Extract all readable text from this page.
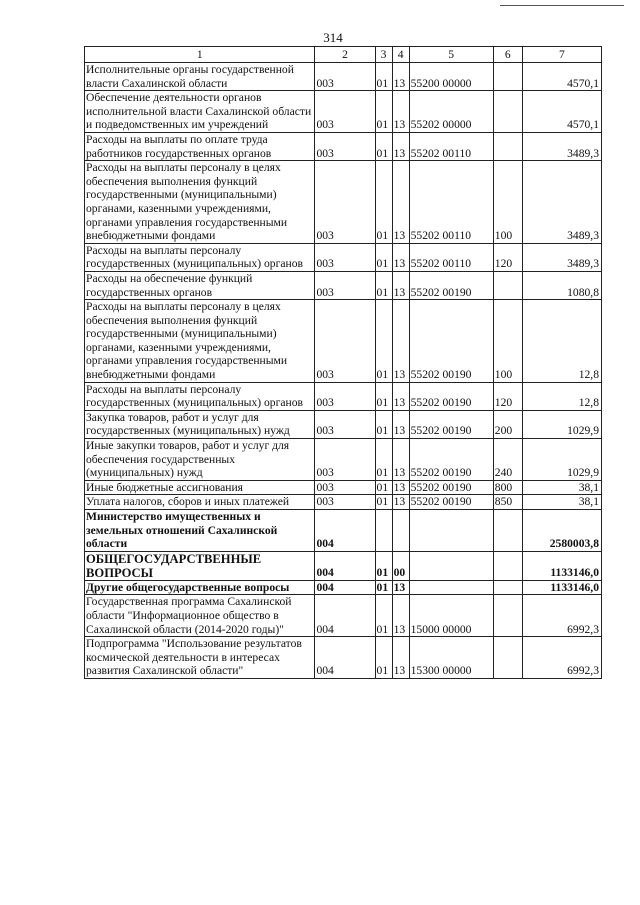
314
1	2	3	4	5	6	7
Исполнительные органы государственной власти Сахалинской области	003	01	13	55200 00000		4570,1
Обеспечение деятельности органов исполнительной власти Сахалинской области и подведомственных им учреждений	003	01	13	55202 00000		4570,1
Расходы на выплаты по оплате труда работников государственных органов	003	01	13	55202 00110		3489,3
Расходы на выплаты персоналу в целях обеспечения выполнения функций государственными (муниципальными) органами, казенными учреждениями, органами управления государственными внебюджетными фондами	003	01	13	55202 00110	100	3489,3
Расходы на выплаты персоналу государственных (муниципальных) органов	003	01	13	55202 00110	120	3489,3
Расходы на обеспечение функций государственных органов	003	01	13	55202 00190		1080,8
Расходы на выплаты персоналу в целях обеспечения выполнения функций государственными (муниципальными) органами, казенными учреждениями, органами управления государственными внебюджетными фондами	003	01	13	55202 00190	100	12,8
Расходы на выплаты персоналу государственных (муниципальных) органов	003	01	13	55202 00190	120	12,8
Закупка товаров, работ и услуг для государственных (муниципальных) нужд	003	01	13	55202 00190	200	1029,9
Иные закупки товаров, работ и услуг для обеспечения государственных (муниципальных) нужд	003	01	13	55202 00190	240	1029,9
Иные бюджетные ассигнования	003	01	13	55202 00190	800	38,1
Уплата налогов, сборов и иных платежей	003	01	13	55202 00190	850	38,1
Министерство имущественных и земельных отношений Сахалинской области	004					2580003,8
ОБЩЕГОСУДАРСТВЕННЫЕ ВОПРОСЫ	004	01	00			1133146,0
Другие общегосударственные вопросы	004	01	13			1133146,0
Государственная программа Сахалинской области "Информационное общество в Сахалинской области (2014-2020 годы)"	004	01	13	15000 00000		6992,3
Подпрограмма "Использование результатов космической деятельности в интересах развития Сахалинской области"	004	01	13	15300 00000		6992,3
